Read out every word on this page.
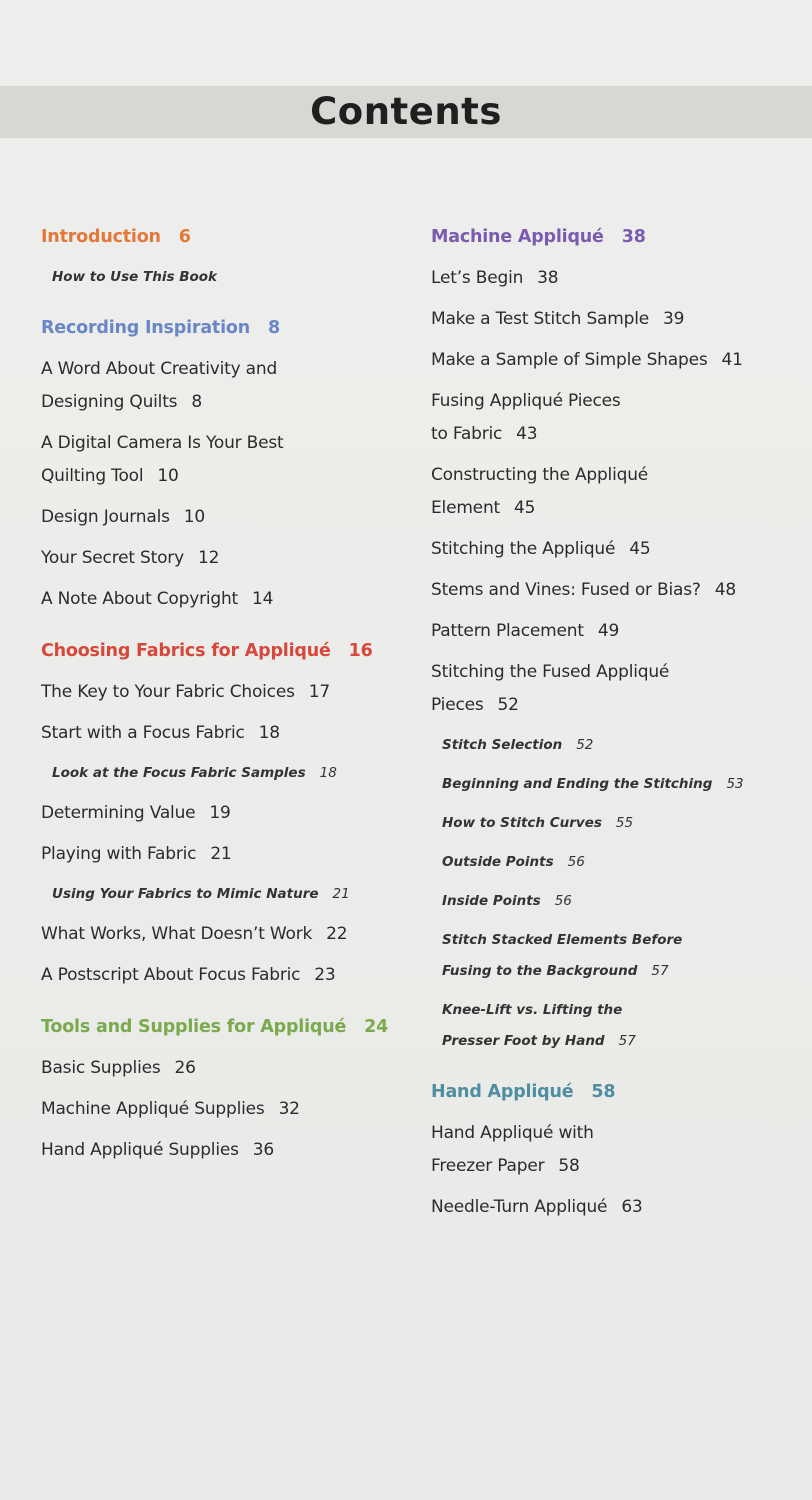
Contents
Introduction 6
How to Use This Book
Recording Inspiration 8
A Word About Creativity and
Designing Quilts 8
A Digital Camera Is Your Best
Quilting Tool 10
Design Journals 10
Your Secret Story 12
A Note About Copyright 14
Choosing Fabrics for Appliqué 16
The Key to Your Fabric Choices 17
Start with a Focus Fabric 18
Look at the Focus Fabric Samples 18
Determining Value 19
Playing with Fabric 21
Using Your Fabrics to Mimic Nature 21
What Works, What Doesn’t Work 22
A Postscript About Focus Fabric 23
Tools and Supplies for Appliqué 24
Basic Supplies 26
Machine Appliqué Supplies 32
Hand Appliqué Supplies 36
Machine Appliqué 38
Let’s Begin 38
Make a Test Stitch Sample 39
Make a Sample of Simple Shapes 41
Fusing Appliqué Pieces
to Fabric 43
Constructing the Appliqué
Element 45
Stitching the Appliqué 45
Stems and Vines: Fused or Bias? 48
Pattern Placement 49
Stitching the Fused Appliqué
Pieces 52
Stitch Selection 52
Beginning and Ending the Stitching 53
How to Stitch Curves 55
Outside Points 56
Inside Points 56
Stitch Stacked Elements Before
Fusing to the Background 57
Knee-Lift vs. Lifting the
Presser Foot by Hand 57
Hand Appliqué 58
Hand Appliqué with
Freezer Paper 58
Needle-Turn Appliqué 63
